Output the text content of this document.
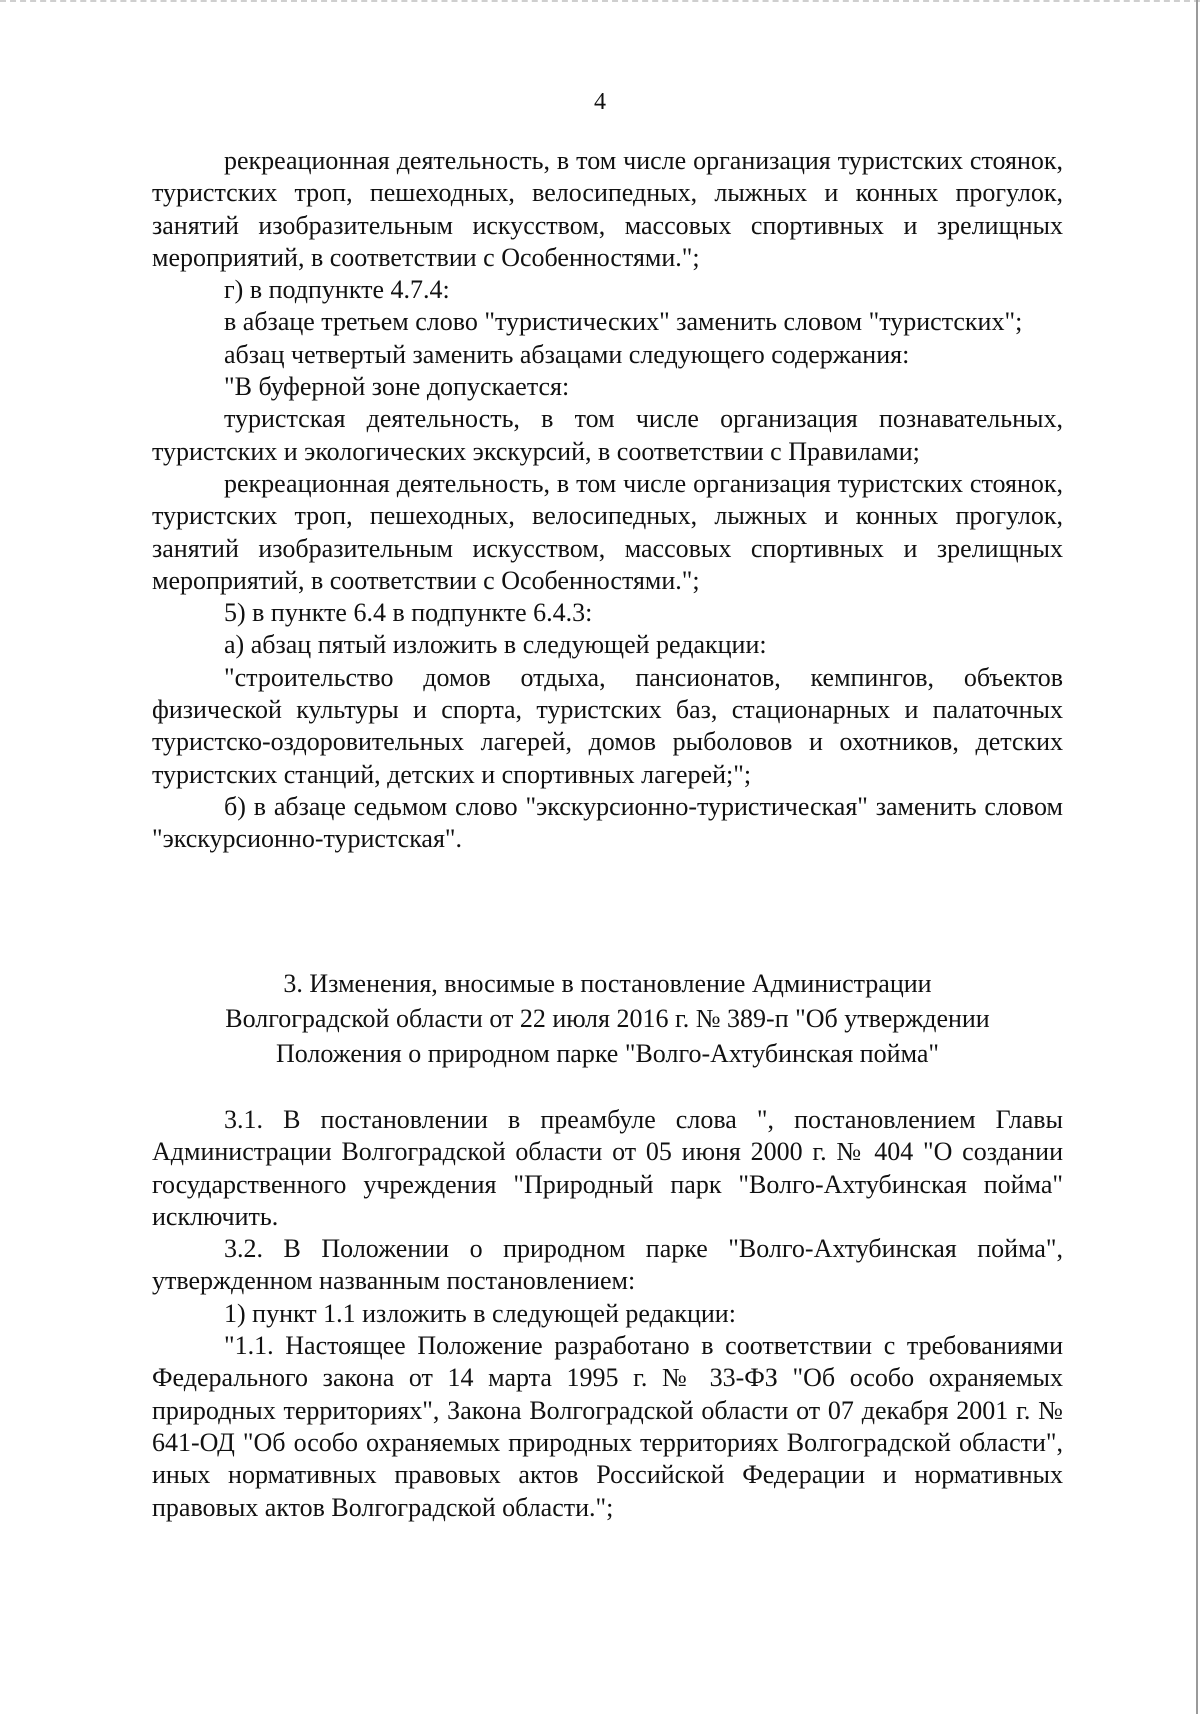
4

рекреационная деятельность, в том числе организация туристских стоянок, туристских троп, пешеходных, велосипедных, лыжных и конных прогулок, занятий изобразительным искусством, массовых спортивных и зрелищных мероприятий, в соответствии с Особенностями.";

г) в подпункте 4.7.4:

в абзаце третьем слово "туристических" заменить словом "туристских";

абзац четвертый заменить абзацами следующего содержания:

"В буферной зоне допускается:

туристская деятельность, в том числе организация познавательных, туристских и экологических экскурсий, в соответствии с Правилами;

рекреационная деятельность, в том числе организация туристских стоянок, туристских троп, пешеходных, велосипедных, лыжных и конных прогулок, занятий изобразительным искусством, массовых спортивных и зрелищных мероприятий, в соответствии с Особенностями.";

5) в пункте 6.4 в подпункте 6.4.3:

а) абзац пятый изложить в следующей редакции:

"строительство домов отдыха, пансионатов, кемпингов, объектов физической культуры и спорта, туристских баз, стационарных и палаточных туристско-оздоровительных лагерей, домов рыболовов и охотников, детских туристских станций, детских и спортивных лагерей;";

б) в абзаце седьмом слово "экскурсионно-туристическая" заменить словом "экскурсионно-туристская".

3. Изменения, вносимые в постановление Администрации
Волгоградской области от 22 июля 2016 г. № 389-п "Об утверждении
Положения о природном парке "Волго-Ахтубинская пойма"

3.1. В постановлении в преамбуле слова ", постановлением Главы Администрации Волгоградской области от 05 июня 2000 г. № 404 "О создании государственного учреждения "Природный парк "Волго-Ахтубинская пойма" исключить.

3.2. В Положении о природном парке "Волго-Ахтубинская пойма", утвержденном названным постановлением:

1) пункт 1.1 изложить в следующей редакции:

"1.1. Настоящее Положение разработано в соответствии с требованиями Федерального закона от 14 марта 1995 г. № 33-ФЗ "Об особо охраняемых природных территориях", Закона Волгоградской области от 07 декабря 2001 г. № 641-ОД "Об особо охраняемых природных территориях Волгоградской области", иных нормативных правовых актов Российской Федерации и нормативных правовых актов Волгоградской области.";
